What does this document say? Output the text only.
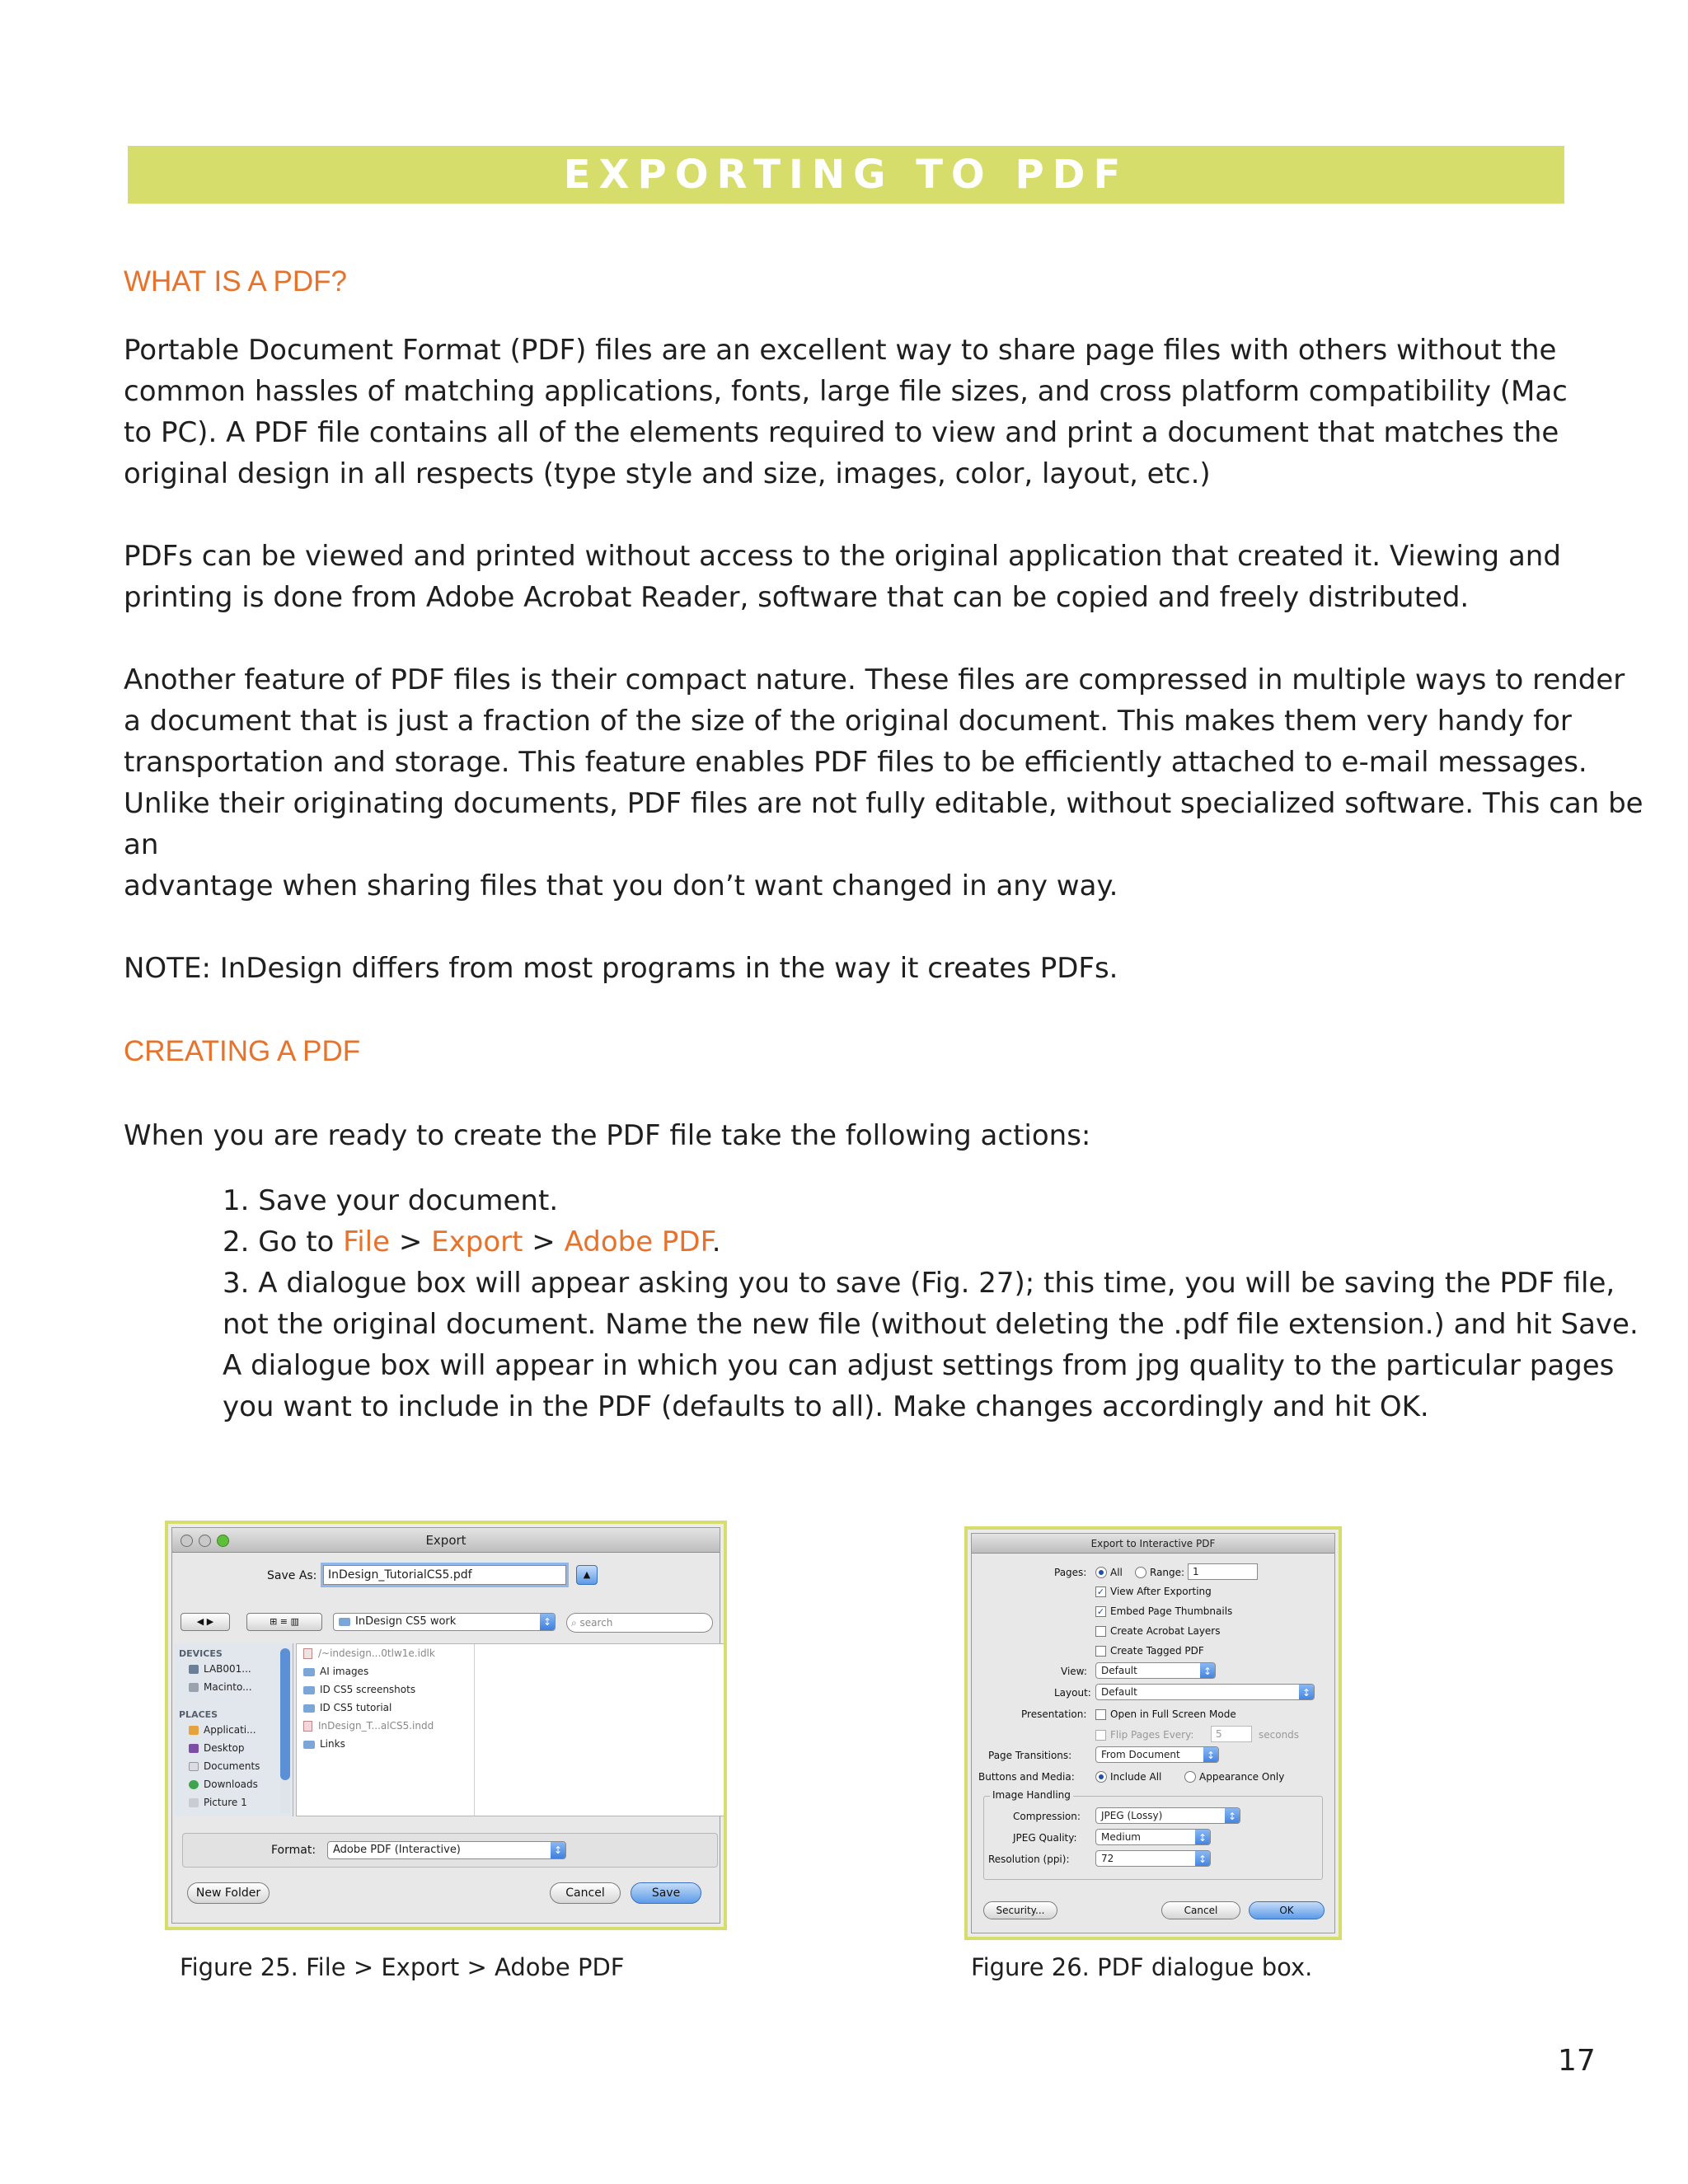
EXPORTING TO PDF
WHAT IS A PDF?
Portable Document Format (PDF) files are an excellent way to share page files with others without the
common hassles of matching applications, fonts, large file sizes, and cross platform compatibility (Mac
to PC). A PDF file contains all of the elements required to view and print a document that matches the
original design in all respects (type style and size, images, color, layout, etc.)
PDFs can be viewed and printed without access to the original application that created it. Viewing and
printing is done from Adobe Acrobat Reader, software that can be copied and freely distributed.
Another feature of PDF files is their compact nature. These files are compressed in multiple ways to render
a document that is just a fraction of the size of the original document. This makes them very handy for
transportation and storage. This feature enables PDF files to be efficiently attached to e-mail messages.
Unlike their originating documents, PDF files are not fully editable, without specialized software. This can be
an
advantage when sharing files that you don’t want changed in any way.
NOTE: InDesign differs from most programs in the way it creates PDFs.
CREATING A PDF
When you are ready to create the PDF file take the following actions:
1. Save your document.
2. Go to File > Export > Adobe PDF.
3. A dialogue box will appear asking you to save (Fig. 27); this time, you will be saving the PDF file,
not the original document. Name the new file (without deleting the .pdf file extension.) and hit Save.
A dialogue box will appear in which you can adjust settings from jpg quality to the particular pages
you want to include in the PDF (defaults to all). Make changes accordingly and hit OK.
Export
Save As: InDesign_TutorialCS5.pdf	▲
◀ ▶	⊞ ≡ ▥	InDesign CS5 work ↕	⌕ search
DEVICES
LAB001...
Macinto...
PLACES
Applicati...
Desktop
Documents
Downloads
Picture 1
/~indesign...0tlw1e.idlk
AI images
ID CS5 screenshots
ID CS5 tutorial
InDesign_T...alCS5.indd
Links
Format:	Adobe PDF (Interactive) ↕
New Folder	Cancel	Save
Export to Interactive PDF
Pages: All	Range: 1
✓ View After Exporting
✓ Embed Page Thumbnails
Create Acrobat Layers
Create Tagged PDF
View:	Default ↕
Layout:	Default ↕
Presentation: Open in Full Screen Mode
Flip Pages Every:	5	seconds
Page Transitions:	From Document ↕
Buttons and Media:	Include All	Appearance Only
Image Handling
Compression:	JPEG (Lossy) ↕
JPEG Quality:	Medium ↕
Resolution (ppi):	72 ↕
Security...	Cancel	OK
Figure 25. File > Export > Adobe PDF	Figure 26. PDF dialogue box.
17
